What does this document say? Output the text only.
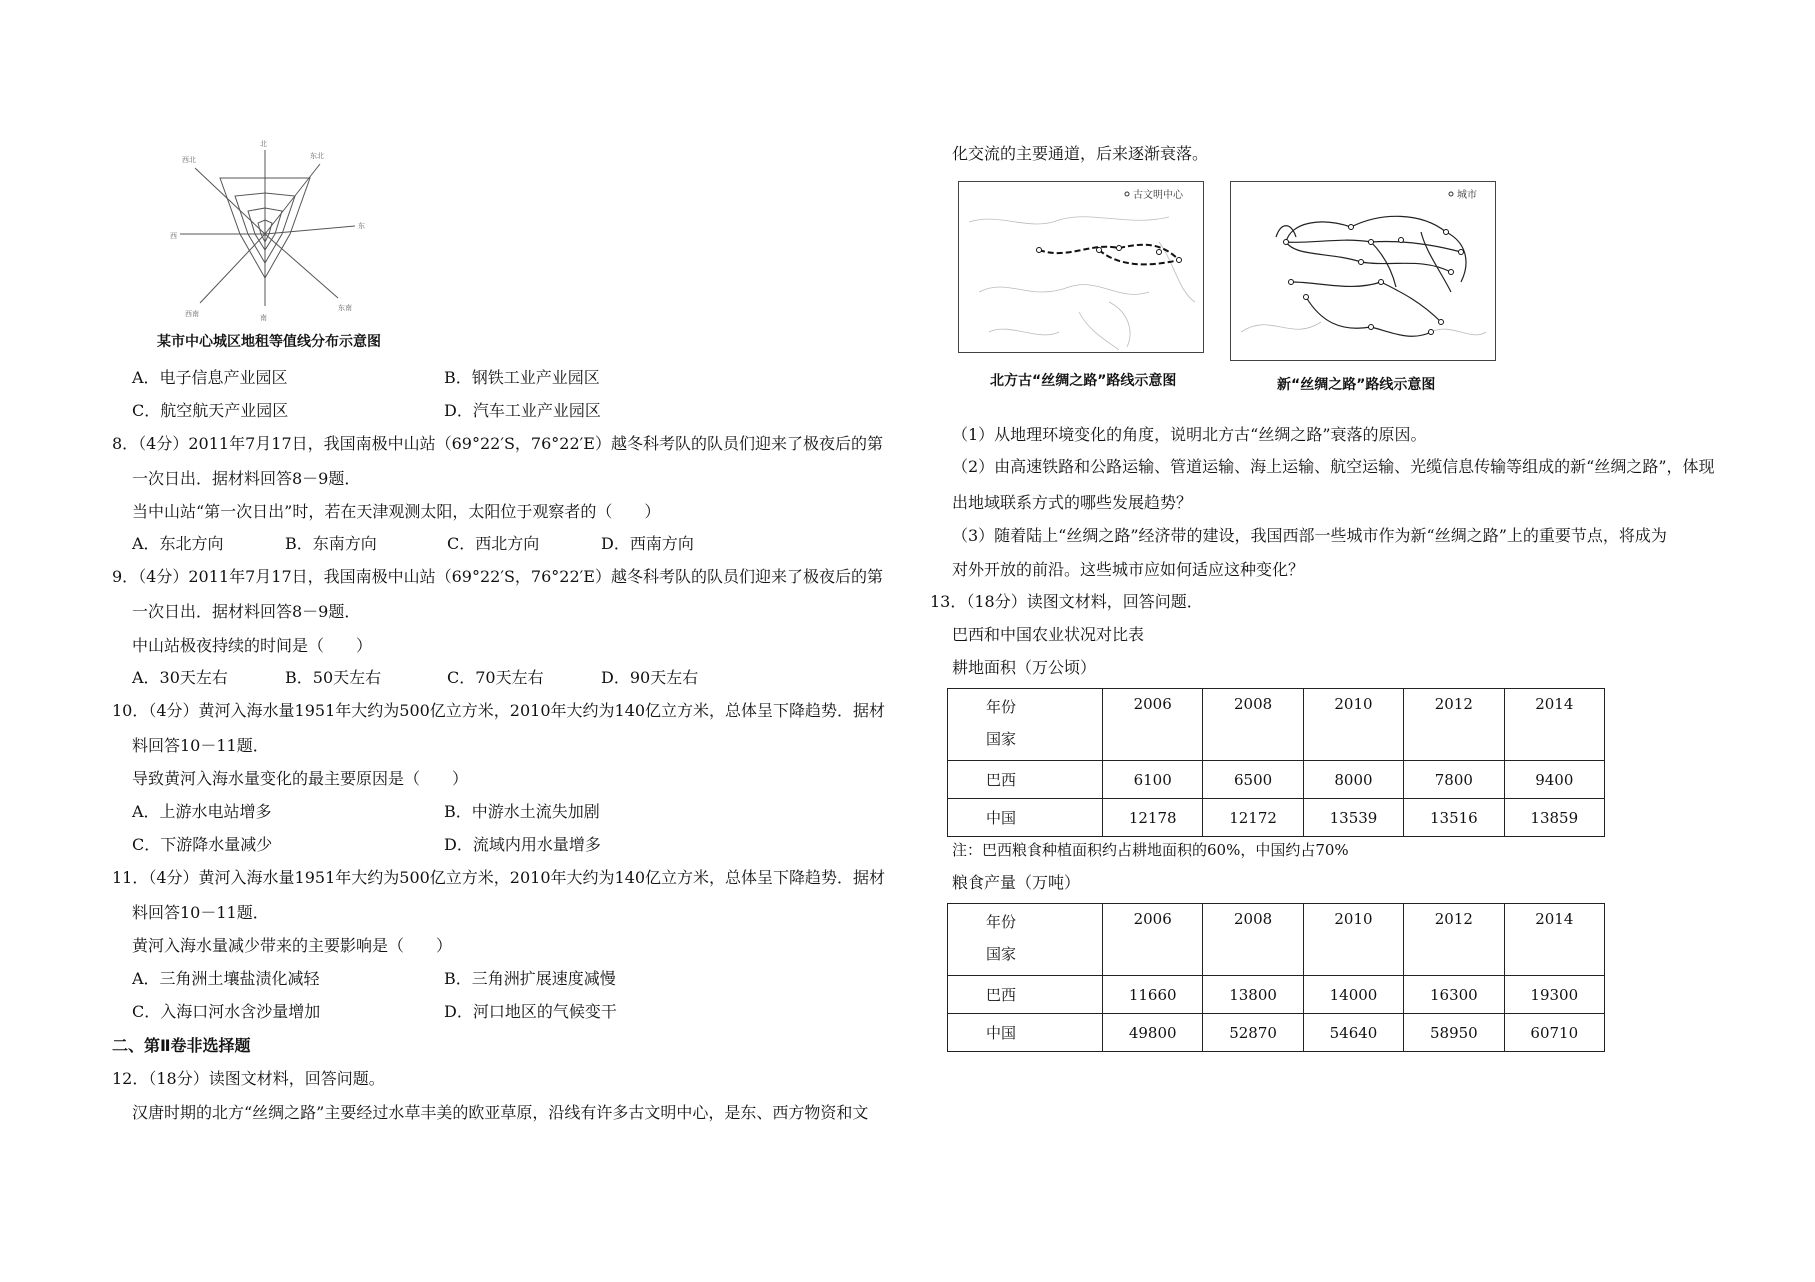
北
东北
东
东南
南
西南
西
西北
某市中心城区地租等值线分布示意图
A．电子信息产业园区	B．钢铁工业产业园区
C．航空航天产业园区	D．汽车工业产业园区
8．（4分）2011年7月17日，我国南极中山站（69°22′S，76°22′E）越冬科考队的队员们迎来了极夜后的第
一次日出．据材料回答8－9题．
当中山站“第一次日出”时，若在天津观测太阳，太阳位于观察者的（　　）
A．东北方向	B．东南方向	C．西北方向	D．西南方向
9．（4分）2011年7月17日，我国南极中山站（69°22′S，76°22′E）越冬科考队的队员们迎来了极夜后的第
一次日出．据材料回答8－9题．
中山站极夜持续的时间是（　　）
A．30天左右	B．50天左右	C．70天左右	D．90天左右
10．（4分）黄河入海水量1951年大约为500亿立方米，2010年大约为140亿立方米，总体呈下降趋势．据材
料回答10－11题．
导致黄河入海水量变化的最主要原因是（　　）
A．上游水电站增多	B．中游水土流失加剧
C．下游降水量减少	D．流域内用水量增多
11．（4分）黄河入海水量1951年大约为500亿立方米，2010年大约为140亿立方米，总体呈下降趋势．据材
料回答10－11题．
黄河入海水量减少带来的主要影响是（　　）
A．三角洲土壤盐渍化减轻	B．三角洲扩展速度减慢
C．入海口河水含沙量增加	D．河口地区的气候变干
二、第Ⅱ卷非选择题
12．（18分）读图文材料，回答问题。
汉唐时期的北方“丝绸之路”主要经过水草丰美的欧亚草原，沿线有许多古文明中心，是东、西方物资和文
化交流的主要通道，后来逐渐衰落。
古文明中心
北方古“丝绸之路”路线示意图
城市
新“丝绸之路”路线示意图
（1）从地理环境变化的角度，说明北方古“丝绸之路”衰落的原因。
（2）由高速铁路和公路运输、管道运输、海上运输、航空运输、光缆信息传输等组成的新“丝绸之路”，体现
出地域联系方式的哪些发展趋势？
（3）随着陆上“丝绸之路”经济带的建设，我国西部一些城市作为新“丝绸之路”上的重要节点，将成为
对外开放的前沿。这些城市应如何适应这种变化？
13．（18分）读图文材料，回答问题．
巴西和中国农业状况对比表
耕地面积（万公顷）
年份
国家	2006	2008	2010	2012	2014
巴西	6100	6500	8000	7800	9400
中国	12178	12172	13539	13516	13859
注：巴西粮食种植面积约占耕地面积的60%，中国约占70%
粮食产量（万吨）
年份
国家	2006	2008	2010	2012	2014
巴西	11660	13800	14000	16300	19300
中国	49800	52870	54640	58950	60710
